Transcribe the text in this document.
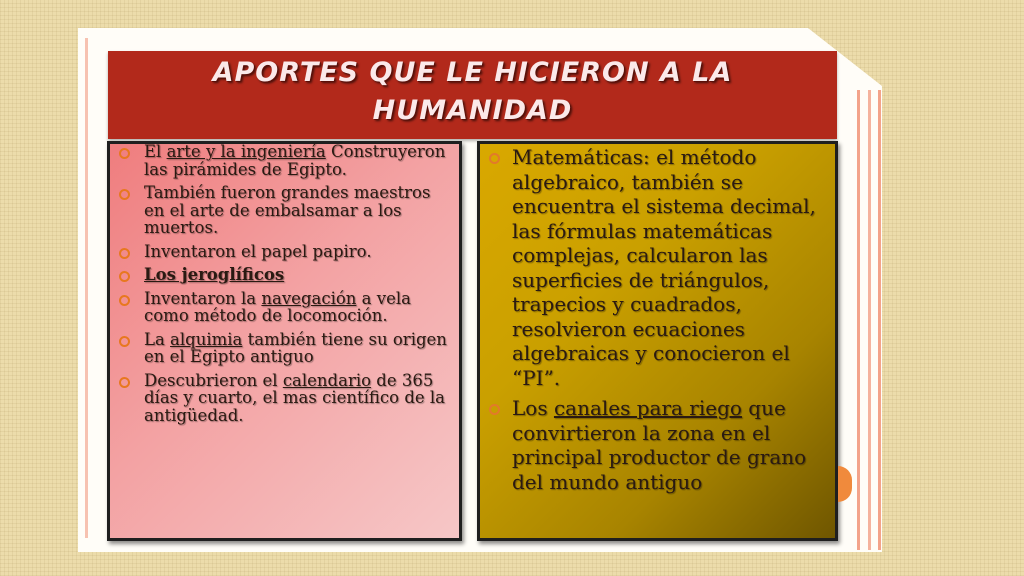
APORTES QUE LE HICIERON A LA
HUMANIDAD
El arte y la ingeniería Construyeron las pirámides de Egipto.
También fueron grandes maestros en el arte de embalsamar a los muertos.
Inventaron el papel papiro.
Los jeroglíficos
Inventaron la navegación a vela como método de locomoción.
La alquimia también tiene su origen en el Egipto antiguo
Descubrieron el calendario de 365 días y cuarto, el mas científico de la antigüedad.
Matemáticas: el método algebraico, también se encuentra el sistema decimal, las fórmulas matemáticas complejas, calcularon las superficies de triángulos, trapecios y cuadrados, resolvieron ecuaciones algebraicas y conocieron el “PI”.
Los canales para riego que convirtieron la zona en el principal productor de grano del mundo antiguo
